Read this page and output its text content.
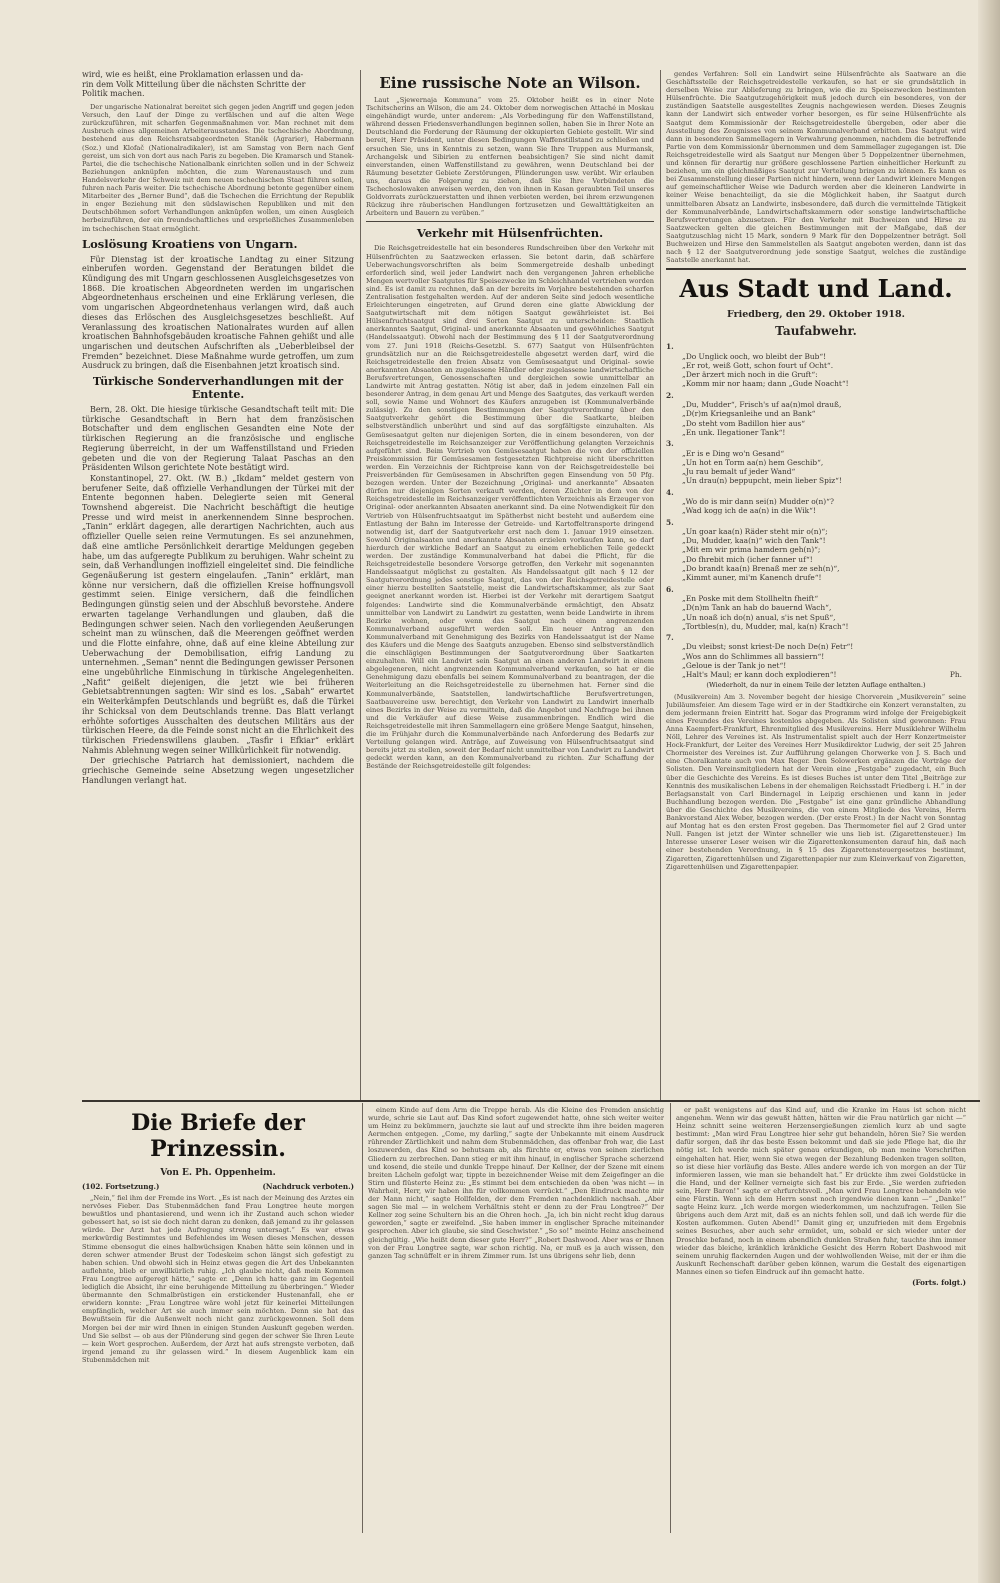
wird, wie es heißt, eine Proklamation erlassen und da-
rin dem Volk Mitteilung über die nächsten Schritte der
Politik machen.

Der ungarische Nationalrat bereitet sich gegen jeden Angriff und gegen jeden Versuch, den Lauf der Dinge zu verfälschen und auf die alten Wege zurückzuführen, mit scharfen Gegenmaßnahmen vor. Man rechnet mit dem Ausbruch eines allgemeinen Arbeiterausstandes. Die tschechische Abordnung, bestehend aus den Reichsratsabgeordneten Staněk (Agrarier), Habermann (Soz.) und Klofač (Nationalradikaler), ist am Samstag von Bern nach Genf gereist, um sich von dort aus nach Paris zu begeben. Die Kramarsch und Stanek-Partei, die die tschechische Nationalbank einrichten sollen und in der Schweiz Beziehungen anknüpfen möchten, die zum Warenaustausch und zum Handelsverkehr der Schweiz mit dem neuen tschechischen Staat führen sollen, fuhren nach Paris weiter. Die tschechische Abordnung betonte gegenüber einem Mitarbeiter des „Berner Bund“, daß die Tschechen die Errichtung der Republik in enger Beziehung mit den südslawischen Republiken und mit den Deutschböhmen sofort Verhandlungen anknüpfen wollen, um einen Ausgleich herbeizuführen, der ein freundschaftliches und ersprießliches Zusammenleben im tschechischen Staat ermöglicht.

Loslösung Kroatiens von Ungarn.

Für Dienstag ist der kroatische Landtag zu einer Sitzung einberufen worden. Gegenstand der Beratungen bildet die Kündigung des mit Ungarn geschlossenen Ausgleichsgesetzes von 1868. Die kroatischen Abgeordneten werden im ungarischen Abgeordnetenhaus erscheinen und eine Erklärung verlesen, die vom ungarischen Abgeordnetenhaus verlangen wird, daß auch dieses das Erlöschen des Ausgleichsgesetzes beschließt. Auf Veranlassung des kroatischen Nationalrates wurden auf allen kroatischen Bahnhofsgebäuden kroatische Fahnen gehißt und alle ungarischen und deutschen Aufschriften als „Ueberbleibsel der Fremden“ bezeichnet. Diese Maßnahme wurde getroffen, um zum Ausdruck zu bringen, daß die Eisenbahnen jetzt kroatisch sind.

Türkische Sonderverhandlungen mit der Entente.

Bern, 28. Okt. Die hiesige türkische Gesandtschaft teilt mit: Die türkische Gesandtschaft in Bern hat dem französischen Botschafter und dem englischen Gesandten eine Note der türkischen Regierung an die französische und englische Regierung überreicht, in der um Waffenstillstand und Frieden gebeten und die von der Regierung Talaat Paschas an den Präsidenten Wilson gerichtete Note bestätigt wird.

Konstantinopel, 27. Okt. (W. B.) „Ikdam“ meldet gestern von berufener Seite, daß offizielle Verhandlungen der Türkei mit der Entente begonnen haben. Delegierte seien mit General Townshend abgereist. Die Nachricht beschäftigt die heutige Presse und wird meist in anerkennendem Sinne besprochen. „Tanin“ erklärt dagegen, alle derartigen Nachrichten, auch aus offizieller Quelle seien reine Vermutungen. Es sei anzunehmen, daß eine amtliche Persönlichkeit derartige Meldungen gegeben habe, um das aufgeregte Publikum zu beruhigen. Wahr scheint zu sein, daß Verhandlungen inoffiziell eingeleitet sind. Die feindliche Gegenäußerung ist gestern eingelaufen. „Tanin“ erklärt, man könne nur versichern, daß die offiziellen Kreise hoffnungsvoll gestimmt seien. Einige versichern, daß die feindlichen Bedingungen günstig seien und der Abschluß bevorstehe. Andere erwarten tagelange Verhandlungen und glauben, daß die Bedingungen schwer seien. Nach den vorliegenden Aeußerungen scheint man zu wünschen, daß die Meerengen geöffnet werden und die Flotte einfahre, ohne, daß auf eine kleine Abteilung zur Ueberwachung der Demobilisation, eifrig Landung zu unternehmen. „Seman“ nennt die Bedingungen gewisser Personen eine ungebührliche Einmischung in türkische Angelegenheiten. „Nafit“ geißelt diejenigen, die jetzt wie bei früheren Gebietsabtrennungen sagten: Wir sind es los. „Sabah“ erwartet ein Weiterkämpfen Deutschlands und begrüßt es, daß die Türkei ihr Schicksal von dem Deutschlands trenne. Das Blatt verlangt erhöhte sofortiges Ausschalten des deutschen Militärs aus der türkischen Heere, da die Feinde sonst nicht an die Ehrlichkeit des türkischen Friedenswillens glauben. „Tasfir i Efkiar“ erklärt Nahmis Ablehnung wegen seiner Willkürlichkeit für notwendig.

Der griechische Patriarch hat demissioniert, nachdem die griechische Gemeinde seine Absetzung wegen ungesetzlicher Handlungen verlangt hat.

Eine russische Note an Wilson.

Laut „Sjewernaja Kommuna“ vom 25. Oktober heißt es in einer Note Tschitscherins an Wilson, die am 24. Oktober dem norwegischen Attaché in Moskau eingehändigt wurde, unter anderem: „Als Vorbedingung für den Waffenstillstand, während dessen Friedensverhandlungen beginnen sollen, haben Sie in Ihrer Note an Deutschland die Forderung der Räumung der okkupierten Gebiete gestellt. Wir sind bereit, Herr Präsident, unter diesen Bedingungen Waffenstillstand zu schließen und ersuchen Sie, uns in Kenntnis zu setzen, wann Sie Ihre Truppen aus Murmansk, Archangelsk und Sibirien zu entfernen beabsichtigen? Sie sind nicht damit einverstanden, einen Waffenstillstand zu gewähren, wenn Deutschland bei der Räumung besetzter Gebiete Zerstörungen, Plünderungen usw. verübt. Wir erlauben uns, daraus die Folgerung zu ziehen, daß Sie Ihre Verbündeten die Tschechoslowaken anweisen werden, den von ihnen in Kasan geraubten Teil unseres Goldvorrats zurückzuerstatten und ihnen verbieten werden, bei ihrem erzwungenen Rückzug ihre räuberischen Handlungen fortzusetzen und Gewalttätigkeiten an Arbeitern und Bauern zu verüben.“

Verkehr mit Hülsenfrüchten.

Die Reichsgetreidestelle hat ein besonderes Rundschreiben über den Verkehr mit Hülsenfrüchten zu Saatzwecken erlassen. Sie betont darin, daß schärfere Ueberwachungsvorschriften als beim Sommergetreide deshalb unbedingt erforderlich sind, weil jeder Landwirt nach den vergangenen Jahren erhebliche Mengen wertvoller Saatgutes für Speisezwecke im Schleichhandel vertrieben worden sind. Es ist damit zu rechnen, daß an der bereits im Vorjahre bestehenden scharfen Zentralisation festgehalten werden. Auf der anderen Seite sind jedoch wesentliche Erleichterungen eingetreten, auf Grund deren eine glatte Abwicklung der Saatgutwirtschaft mit dem nötigen Saatgut gewährleistet ist. Bei Hülsenfruchtsaatgut sind drei Sorten Saatgut zu unterscheiden: Staatlich anerkanntes Saatgut, Original- und anerkannte Absaaten und gewöhnliches Saatgut (Handelssaatgut). Obwohl nach der Bestimmung des § 11 der Saatgutverordnung vom 27. Juni 1918 (Reichs-Gesetzbl. S. 677) Saatgut von Hülsenfrüchten grundsätzlich nur an die Reichsgetreidestelle abgesetzt werden darf, wird die Reichsgetreidestelle den freien Absatz von Gemüsesaatgut und Original- sowie anerkannten Absaaten an zugelassene Händler oder zugelassene landwirtschaftliche Berufsvertretungen, Genossenschaften und dergleichen sowie unmittelbar an Landwirte mit Antrag gestatten. Nötig ist aber, daß in jedem einzelnen Fall ein besonderer Antrag, in dem genau Art und Menge des Saatgutes, das verkauft werden soll, sowie Name und Wohnort des Käufers anzugeben ist (Kommunalverbände zulässig). Zu den sonstigen Bestimmungen der Saatgutverordnung über den Saatgutverkehr gehört die Bestimmung über die Saatkarte, bleiben selbstverständlich unberührt und sind auf das sorgfältigste einzuhalten. Als Gemüsesaatgut gelten nur diejenigen Sorten, die in einem besonderen, von der Reichsgetreidestelle im Reichsanzeiger zur Veröffentlichung gelangten Verzeichnis aufgeführt sind. Beim Vertrieb von Gemüsesaatgut haben die von der offiziellen Preiskommission für Gemüsesamen festgesetzten Richtpreise nicht überschritten werden. Ein Verzeichnis der Richtpreise kann von der Reichsgetreidestelle bei Preisverbänden für Gemüsesamen in Abschriften gegen Einsendung von 50 Pfg. bezogen werden. Unter der Bezeichnung „Original- und anerkannte“ Absaaten dürfen nur diejenigen Sorten verkauft werden, deren Züchter in dem von der Reichsgetreidestelle im Reichsanzeiger veröffentlichten Verzeichnis als Erzeuger von Original- oder anerkannten Absaaten anerkannt sind. Da eine Notwendigkeit für den Vertrieb von Hülsenfruchtsaatgut im Spätherbst nicht besteht und außerdem eine Entlastung der Bahn im Interesse der Getreide- und Kartoffeltransporte dringend notwendig ist, darf der Saatgutverkehr erst nach dem 1. Januar 1919 einsetzen. Sowohl Originalsaaten und anerkannte Absaaten erzielen vorkaufen kann, so darf hierdurch der wirkliche Bedarf an Saatgut zu einem erheblichen Teile gedeckt werden. Der zuständige Kommunalverband hat dabei die Pflicht, für die Reichsgetreidestelle besondere Vorsorge getroffen, den Verkehr mit sogenannten Handelssaatgut möglichst zu gestalten. Als Handelssaatgut gilt nach § 12 der Saatgutverordnung jedes sonstige Saatgut, das von der Reichsgetreidestelle oder einer hierzu bestellten Saatstelle, meist die Landwirtschaftskammer, als zur Saat geeignet anerkannt worden ist. Hierbei ist der Verkehr mit derartigem Saatgut folgendes: Landwirte sind die Kommunalverbände ermächtigt, den Absatz unmittelbar von Landwirt zu Landwirt zu gestatten, wenn beide Landwirte in ihrem Bezirke wohnen, oder wenn das Saatgut nach einem angrenzenden Kommunalverband ausgeführt werden soll. Ein neuer Antrag an den Kommunalverband mit Genehmigung des Bezirks von Handelssaatgut ist der Name des Käufers und die Menge des Saatguts anzugeben. Ebenso sind selbstverständlich die einschlägigen Bestimmungen der Saatgutverordnung über Saatkarten einzuhalten. Will ein Landwirt sein Saatgut an einen anderen Landwirt in einem abgelegeneren, nicht angrenzenden Kommunalverband verkaufen, so hat er die Genehmigung dazu ebenfalls bei seinem Kommunalverband zu beantragen, der die Weiterleitung an die Reichsgetreidestelle zu übernehmen hat. Ferner sind die Kommunalverbände, Saatstellen, landwirtschaftliche Berufsvertretungen, Saatbauvereine usw. berechtigt, den Verkehr von Landwirt zu Landwirt innerhalb eines Bezirks in der Weise zu vermitteln, daß die Angebot und Nachfrage bei ihnen und die Verkäufer auf diese Weise zusammenbringen. Endlich wird die Reichsgetreidestelle mit ihren Sammellagern eine größere Menge Saatgut, hinsehen, die im Frühjahr durch die Kommunalverbände nach Anforderung des Bedarfs zur Verteilung gelangen wird. Anträge, auf Zuweisung von Hülsenfruchtsaatgut sind bereits jetzt zu stellen, soweit der Bedarf nicht unmittelbar von Landwirt zu Landwirt gedeckt werden kann, an den Kommunalverband zu richten. Zur Schaffung der Bestände der Reichsgetreidestelle gilt folgendes:

gendes Verfahren: Soll ein Landwirt seine Hülsenfrüchte als Saatware an die Geschäftsstelle der Reichsgetreidestelle verkaufen, so hat er sie grundsätzlich in derselben Weise zur Ablieferung zu bringen, wie die zu Speisezwecken bestimmten Hülsenfrüchte. Die Saatgutzugehörigkeit muß jedoch durch ein besonderes, von der zuständigen Saatstelle ausgestelltes Zeugnis nachgewiesen werden. Dieses Zeugnis kann der Landwirt sich entweder vorher besorgen, es für seine Hülsenfrüchte als Saatgut dem Kommissionär der Reichsgetreidestelle übergeben, oder aber die Ausstellung des Zeugnisses von seinem Kommunalverband erbitten. Das Saatgut wird dann in besonderen Sammellagern in Verwahrung genommen, nachdem die betreffende Partie von dem Kommissionär übernommen und dem Sammellager zugegangen ist. Die Reichsgetreidestelle wird als Saatgut nur Mengen über 5 Doppelzentner übernehmen, und können für derartig nur größere geschlossene Partien einheitlicher Herkunft zu beziehen, um ein gleichmäßiges Saatgut zur Verteilung bringen zu können. Es kann es bei Zusammenstellung dieser Partien nicht hindern, wenn der Landwirt kleinere Mengen auf gemeinschaftlicher Weise wie Dadurch werden aber die kleineren Landwirte in keiner Weise benachteiligt, da sie die Möglichkeit haben, ihr Saatgut durch unmittelbaren Absatz an Landwirte, insbesondere, daß durch die vermittelnde Tätigkeit der Kommunalverbände, Landwirtschaftskammern oder sonstige landwirtschaftliche Berufsvertretungen abzusetzen. Für den Verkehr mit Buchweizen und Hirse zu Saatzwecken gelten die gleichen Bestimmungen mit der Maßgabe, daß der Saatgutzuschlag nicht 15 Mark, sondern 9 Mark für den Doppelzentner beträgt. Soll Buchweizen und Hirse den Sammelstellen als Saatgut angeboten werden, dann ist das nach § 12 der Saatgutverordnung jede sonstige Saatgut, welches die zuständige Saatstelle anerkannt hat.

Aus Stadt und Land.
Friedberg, den 29. Oktober 1918.
Taufabwehr.
1.
„Do Unglick ooch, wo bleibt der Bub“!
„Er rot, weiß Gott, schon fourt uf Ocht“.
„Der ärzert mich noch in die Gruft“:
„Komm mir nor haam; dann „Gude Noacht“!
2.
„Du, Mudder“, Frisch's uf aa(n)mol drauß,
„D(r)m Kriegsanleihe und an Bank“
„Do steht vom Badillon hier aus“
„En unk. Ilegationer Tank“!
3.
„Er is e Ding wo'n Gesand“
„Un hot en Torm aa(n) hem Geschib“,
„Ju rau bemalt uf jeder Wand“
„Un drau(n) beppupcht, mein lieber Spiz“!
4.
„Wo do is mir dann sei(n) Mudder o(n)“?
„Wad kogg ich de aa(n) in die Wik“!
5.
„Un goar kaa(n) Räder steht mir o(n)“;
„Du, Mudder, kaa(n)“ wich den Tank“!
„Mit em wir prima hamdern geh(n)“;
„Do fhrebit mich (icher fanner uf“!
„Do brandt kaa(n) Brenaß mer ze seh(n)“,
„Kimmt auner, mi'm Kanench drufe“!
6.
„En Poske mit dem Stollheltn fheift“
„D(n)m Tank an hab do bauernd Wach“,
„Un noaß ich do(n) anual, s'is net Spuß“,
„Tortbles(n), du, Mudder, mal, ka(n) Krach“!
7.
„Du vleibst; sonst kriest-De noch De(n) Fetr“!
„Wos ann do Schlimmes all bassiern“!
„Geloue is der Tank jo net“!
„Halt's Maul; er kann doch explodieren“!	Ph.
(Wiederholt, da nur in einem Teile der letzten Auflage enthalten.)

(Musikverein) Am 3. November begeht der hiesige Chorverein „Musikverein“ seine Jubiläumsfeier. Am diesem Tage wird er in der Stadtkirche ein Konzert veranstalten, zu dem jedermann freien Eintritt hat. Sogar das Programm wird infolge der Freigebigkeit eines Freundes des Vereines kostenlos abgegeben. Als Solisten sind gewonnen: Frau Anna Kaempfert-Frankfurt, Ehrenmitglied des Musikvereins. Herr Musiklehrer Wilhelm Nöll, Lehrer des Vereines ist. Als Instrumentalist spielt auch der Herr Konzertmeister Hock-Frankfurt, der Leiter des Vereines Herr Musikdirektor Ludwig, der seit 25 Jahren Chormeister des Vereines ist. Zur Aufführung gelangen Chorwerke von J. S. Bach und eine Choralkantate auch von Max Reger. Den Solowerken ergänzen die Vorträge der Solisten. Den Vereinsmitgliedern hat der Verein eine „Festgabe“ zugedacht, ein Buch über die Geschichte des Vereins. Es ist dieses Buches ist unter dem Titel „Beiträge zur Kenntnis des musikalischen Lebens in der ehemaligen Reichsstadt Friedberg i. H.“ in der Berlagsanstalt von Carl Bindernagel in Leipzig erschienen und kann in jeder Buchhandlung bezogen werden. Die „Festgabe“ ist eine ganz gründliche Abhandlung über die Geschichte des Musikvereins, die von einem Mitgliede des Vereins, Herrn Bankvorstand Alex Weber, bezogen werden. (Der erste Frost.) In der Nacht von Sonntag auf Montag hat es den ersten Frost gegeben. Das Thermometer fiel auf 2 Grad unter Null. Fangen ist jetzt der Winter schneller wie uns lieb ist. (Zigarettensteuer.) Im Interesse unserer Leser weisen wir die Zigarettenkonsumenten darauf hin, daß nach einer bestehenden Verordnung, in § 15 des Zigarettensteuergesetzes bestimmt, Zigaretten, Zigarettenhülsen und Zigarettenpapier nur zum Kleinverkauf von Zigaretten, Zigarettenhülsen und Zigarettenpapier.

Die Briefe der Prinzessin.
Von E. Ph. Oppenheim.
(102. Fortsetzung.)	(Nachdruck verboten.)

„Nein,“ fiel ihm der Fremde ins Wort. „Es ist nach der Meinung des Arztes ein nervöses Fieber. Das Stubenmädchen fand Frau Longtree heute morgen bewußtlos und phantasierend, und wenn ich ihr Zustand auch schon wieder gebessert hat, so ist sie doch nicht daran zu denken, daß jemand zu ihr gelassen würde. Der Arzt hat jede Aufregung streng untersagt.“ Es war etwas merkwürdig Bestimmtes und Befehlendes im Wesen dieses Menschen, dessen Stimme ebensogut die eines halbwüchsigen Knaben hätte sein können und in deren schwer atmender Brust der Todeskeim schon längst sich gefestigt zu haben schien. Und obwohl sich in Heinz etwas gegen die Art des Unbekannten auflehnte, blieb er unwillkürlich ruhig. „Ich glaube nicht, daß mein Kommen Frau Longtree aufgeregt hätte,“ sagte er. „Denn ich hatte ganz im Gegenteil lediglich die Absicht, ihr eine beruhigende Mitteilung zu überbringen.“ Wieder übermannte den Schmalbrüstigen ein erstickender Hustenanfall, ehe er erwidern konnte: „Frau Longtree wäre wohl jetzt für keinerlei Mitteilungen empfänglich, welcher Art sie auch immer sein möchten. Denn sie hat das Bewußtsein für die Außenwelt noch nicht ganz zurückgewonnen. Soll dem Morgen bei der mir wird Ihnen in einigen Stunden Auskunft gegeben werden. Und Sie selbst — ob aus der Plünderung sind gegen der schwer Sie Ihren Leute — kein Wort gesprochen. Außerdem, der Arzt hat aufs strengste verboten, daß irgend jemand zu ihr gelassen wird.“ In diesem Augenblick kam ein Stubenmädchen mit

einem Kinde auf dem Arm die Treppe herab. Als die Kleine des Fremden ansichtig wurde, schrie sie Laut auf. Das Kind sofort zugewendet hatte, ohne sich weiter weiter um Heinz zu bekümmern, jauchzte sie laut auf und streckte ihm ihre beiden mageren Aermchen entgegen. „Come, my darling,“ sagte der Unbekannte mit einem Ausdruck rührender Zärtlichkeit und nahm dem Stubenmädchen, das offenbar froh war, die Last loszuwerden, das Kind so behutsam ab, als fürchte er, etwas von seinen zierlichen Gliedern zu zerbrechen. Dann stieg er mit ihm hinauf, in englischer Sprache scherzend und kosend, die steile und dunkle Treppe hinauf. Der Kellner, der der Szene mit einem breiten Lächeln gefolgt war, tippte in bezeichnender Weise mit dem Zeigefinger an die Stirn und flüsterte Heinz zu: „Es stimmt bei dem entschieden da oben 'was nicht — in Wahrheit, Herr, wir haben ihn für vollkommen verrückt.“ „Den Eindruck machte mir der Mann nicht,“ sagte Hollfelden, der dem Fremden nachdenklich nachsah. „Aber sagen Sie mal — in welchem Verhältnis steht er denn zu der Frau Longtree?“ Der Kellner zog seine Schultern bis an die Ohren hoch. „Ja, ich bin nicht recht klug daraus geworden,“ sagte er zweifelnd. „Sie haben immer in englischer Sprache miteinander gesprochen. Aber ich glaube, sie sind Geschwister.“ „So so!“ meinte Heinz anscheinend gleichgültig. „Wie heißt denn dieser gute Herr?“ „Robert Dashwood. Aber was er Ihnen von der Frau Longtree sagte, war schon richtig. Na, er muß es ja auch wissen, den ganzen Tag schnüffelt er in ihrem Zimmer rum. Ist uns übrigens sehr lieb, denn

er paßt wenigstens auf das Kind auf, und die Kranke im Haus ist schon nicht angenehm. Wenn wir das gewußt hätten, hätten wir die Frau natürlich gar nicht —“ Heinz schnitt seine weiteren Herzensergießungen ziemlich kurz ab und sagte bestimmt: „Man wird Frau Longtree hier sehr gut behandeln, hören Sie? Sie werden dafür sorgen, daß ihr das beste Essen bekommt und daß sie jede Pflege hat, die ihr nötig ist. Ich werde mich später genau erkundigen, ob man meine Vorschriften eingehalten hat. Hier, wenn Sie etwa wegen der Bezahlung Bedenken tragen sollten, so ist diese hier vorläufig das Beste. Alles andere werde ich von morgen an der Tür informieren lassen, wie man sie behandelt hat.“ Er drückte ihm zwei Goldstücke in die Hand, und der Kellner verneigte sich fast bis zur Erde. „Sie werden zufrieden sein, Herr Baron!“ sagte er ehrfurchtsvoll. „Man wird Frau Longtree behandeln wie eine Fürstin. Wenn ich dem Herrn sonst noch irgendwie dienen kann —“ „Danke!“ sagte Heinz kurz. „Ich werde morgen wiederkommen, um nachzufragen. Teilen Sie übrigens auch dem Arzt mit, daß es an nichts fehlen soll, und daß ich werde für die Kosten aufkommen. Guten Abend!“ Damit ging er, unzufrieden mit dem Ergebnis seines Besuches, aber auch sehr ermüdet, um, sobald er sich wieder unter der Droschke befand, noch in einem abendlich dunklen Straßen fuhr, tauchte ihm immer wieder das bleiche, kränklich kränkliche Gesicht des Herrn Robert Dashwood mit seinem unruhig flackernden Augen und der wohlwollenden Weise, mit der er ihm die Auskunft Rechenschaft darüber geben können, warum die Gestalt des eigenartigen Mannes einen so tiefen Eindruck auf ihn gemacht hatte.

(Forts. folgt.)
